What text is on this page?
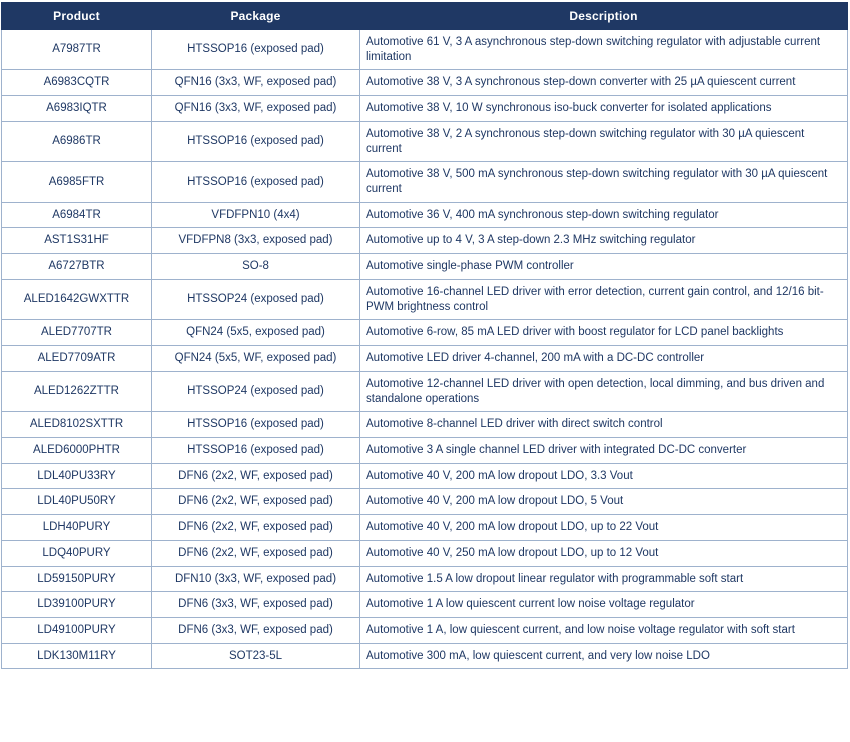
Product	Package	Description
A7987TR	HTSSOP16 (exposed pad)	Automotive 61 V, 3 A asynchronous step-down switching regulator with adjustable current limitation
A6983CQTR	QFN16 (3x3, WF, exposed pad)	Automotive 38 V, 3 A synchronous step-down converter with 25 µA quiescent current
A6983IQTR	QFN16 (3x3, WF, exposed pad)	Automotive 38 V, 10 W synchronous iso-buck converter for isolated applications
A6986TR	HTSSOP16 (exposed pad)	Automotive 38 V, 2 A synchronous step-down switching regulator with 30 µA quiescent current
A6985FTR	HTSSOP16 (exposed pad)	Automotive 38 V, 500 mA synchronous step-down switching regulator with 30 µA quiescent current
A6984TR	VFDFPN10 (4x4)	Automotive 36 V, 400 mA synchronous step-down switching regulator
AST1S31HF	VFDFPN8 (3x3, exposed pad)	Automotive up to 4 V, 3 A step-down 2.3 MHz switching regulator
A6727BTR	SO-8	Automotive single-phase PWM controller
ALED1642GWXTTR	HTSSOP24 (exposed pad)	Automotive 16-channel LED driver with error detection, current gain control, and 12/16 bit-PWM brightness control
ALED7707TR	QFN24 (5x5, exposed pad)	Automotive 6-row, 85 mA LED driver with boost regulator for LCD panel backlights
ALED7709ATR	QFN24 (5x5, WF, exposed pad)	Automotive LED driver 4-channel, 200 mA with a DC-DC controller
ALED1262ZTTR	HTSSOP24 (exposed pad)	Automotive 12-channel LED driver with open detection, local dimming, and bus driven and standalone operations
ALED8102SXTTR	HTSSOP16 (exposed pad)	Automotive 8-channel LED driver with direct switch control
ALED6000PHTR	HTSSOP16 (exposed pad)	Automotive 3 A single channel LED driver with integrated DC-DC converter
LDL40PU33RY	DFN6 (2x2, WF, exposed pad)	Automotive 40 V, 200 mA low dropout LDO, 3.3 Vout
LDL40PU50RY	DFN6 (2x2, WF, exposed pad)	Automotive 40 V, 200 mA low dropout LDO, 5 Vout
LDH40PURY	DFN6 (2x2, WF, exposed pad)	Automotive 40 V, 200 mA low dropout LDO, up to 22 Vout
LDQ40PURY	DFN6 (2x2, WF, exposed pad)	Automotive 40 V, 250 mA low dropout LDO, up to 12 Vout
LD59150PURY	DFN10 (3x3, WF, exposed pad)	Automotive 1.5 A low dropout linear regulator with programmable soft start
LD39100PURY	DFN6 (3x3, WF, exposed pad)	Automotive 1 A low quiescent current low noise voltage regulator
LD49100PURY	DFN6 (3x3, WF, exposed pad)	Automotive 1 A, low quiescent current, and low noise voltage regulator with soft start
LDK130M11RY	SOT23-5L	Automotive 300 mA, low quiescent current, and very low noise LDO
